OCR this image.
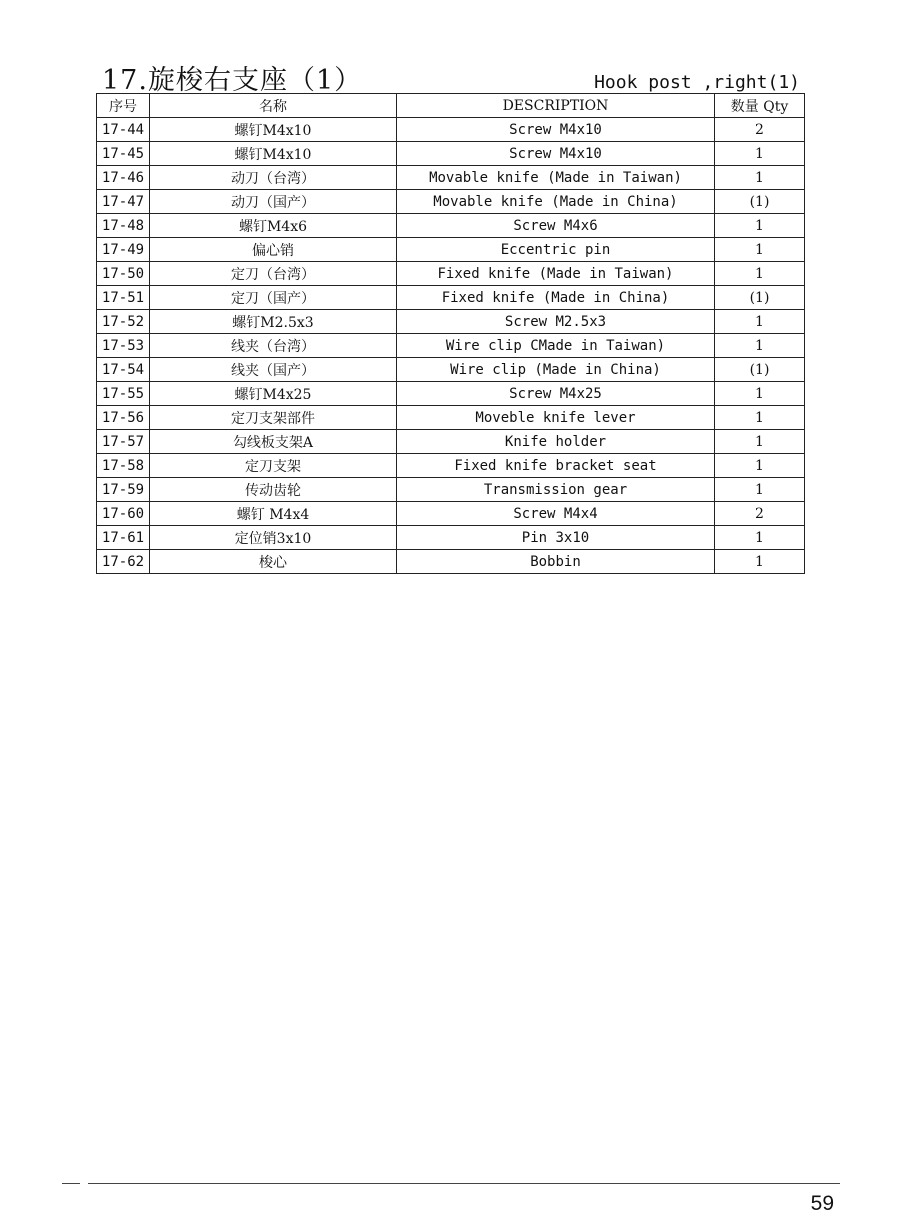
17.旋梭右支座（1）	Hook post ,right(1)
序号	名称	DESCRIPTION	数量 Qty
17-44	螺钉M4x10	Screw M4x10	2
17-45	螺钉M4x10	Screw M4x10	1
17-46	动刀（台湾）	Movable knife (Made in Taiwan)	1
17-47	动刀（国产）	Movable knife (Made in China)	(1)
17-48	螺钉M4x6	Screw M4x6	1
17-49	偏心销	Eccentric pin	1
17-50	定刀（台湾）	Fixed knife (Made in Taiwan)	1
17-51	定刀（国产）	Fixed knife (Made in China)	(1)
17-52	螺钉M2.5x3	Screw M2.5x3	1
17-53	线夹（台湾）	Wire clip CMade in Taiwan)	1
17-54	线夹（国产）	Wire clip (Made in China)	(1)
17-55	螺钉M4x25	Screw M4x25	1
17-56	定刀支架部件	Moveble knife lever	1
17-57	勾线板支架A	Knife holder	1
17-58	定刀支架	Fixed knife bracket seat	1
17-59	传动齿轮	Transmission gear	1
17-60	螺钉 M4x4	Screw M4x4	2
17-61	定位销3x10	Pin 3x10	1
17-62	梭心	Bobbin	1
59
